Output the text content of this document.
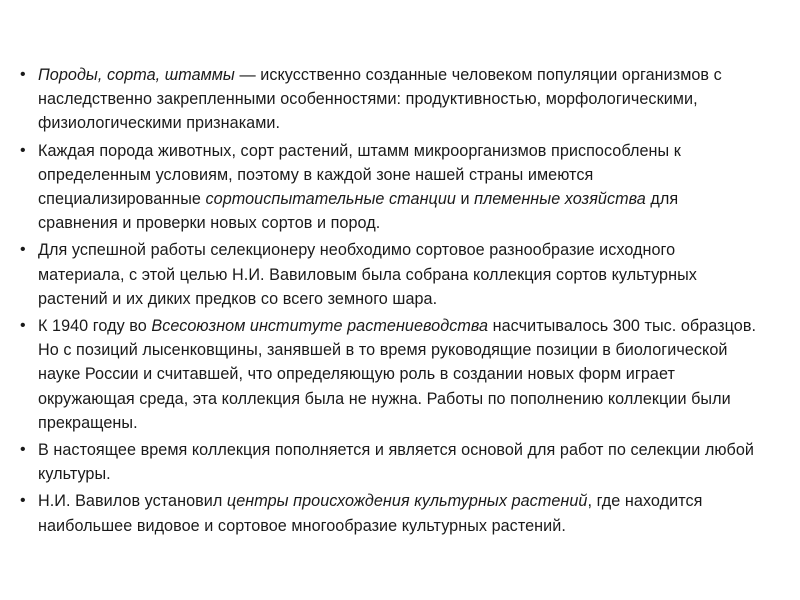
• Породы, сорта, штаммы — искусственно созданные человеком популяции организмов с наследственно закрепленными особенностями: продуктивностью, морфологическими, физиологическими признаками.
• Каждая порода животных, сорт растений, штамм микроорганизмов приспособлены к определенным условиям, поэтому в каждой зоне нашей страны имеются специализированные сортоиспытательные станции и племенные хозяйства для сравнения и проверки новых сортов и пород.
• Для успешной работы селекционеру необходимо сортовое разнообразие исходного материала, с этой целью Н.И. Вавиловым была собрана коллекция сортов культурных растений и их диких предков со всего земного шара.
• К 1940 году во Всесоюзном институте растениеводства насчитывалось 300 тыс. образцов. Но с позиций лысенковщины, занявшей в то время руководящие позиции в биологической науке России и считавшей, что определяющую роль в создании новых форм играет окружающая среда, эта коллекция была не нужна. Работы по пополнению коллекции были прекращены.
• В настоящее время коллекция пополняется и является основой для работ по селекции любой культуры.
• Н.И. Вавилов установил центры происхождения культурных растений, где находится наибольшее видовое и сортовое многообразие культурных растений.
